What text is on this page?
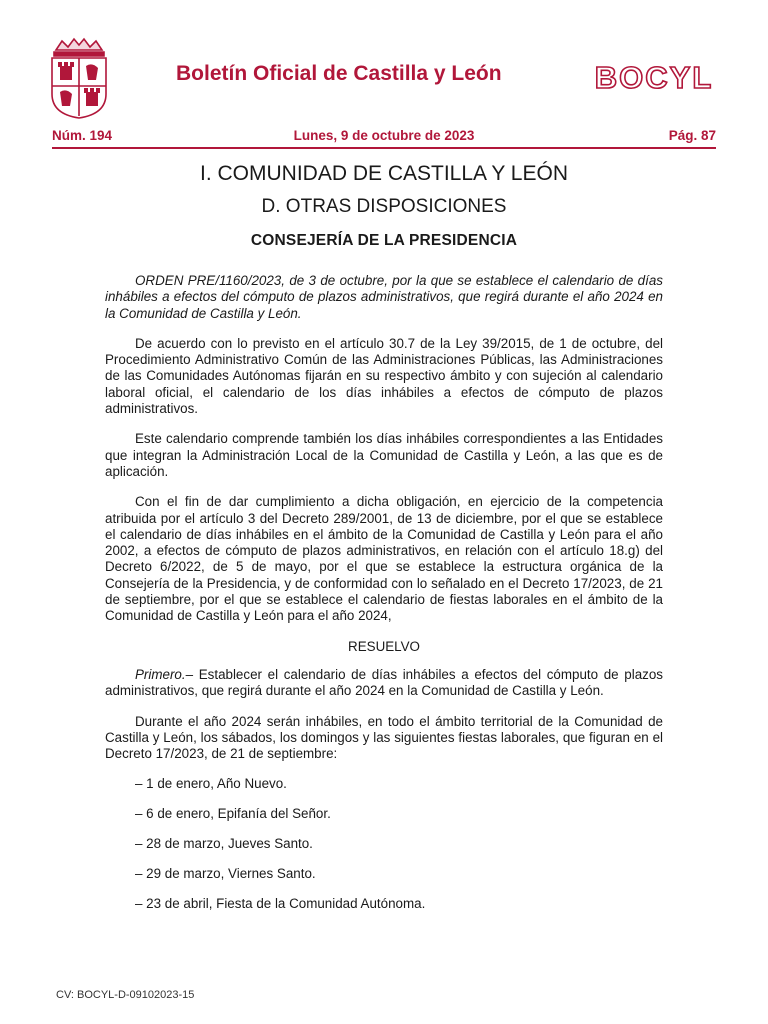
Boletín Oficial de Castilla y León	BOCYL
Núm. 194	Lunes, 9 de octubre de 2023	Pág. 87
I. COMUNIDAD DE CASTILLA Y LEÓN
D. OTRAS DISPOSICIONES
CONSEJERÍA DE LA PRESIDENCIA

ORDEN PRE/1160/2023, de 3 de octubre, por la que se establece el calendario de días inhábiles a efectos del cómputo de plazos administrativos, que regirá durante el año 2024 en la Comunidad de Castilla y León.

De acuerdo con lo previsto en el artículo 30.7 de la Ley 39/2015, de 1 de octubre, del Procedimiento Administrativo Común de las Administraciones Públicas, las Administraciones de las Comunidades Autónomas fijarán en su respectivo ámbito y con sujeción al calendario laboral oficial, el calendario de los días inhábiles a efectos de cómputo de plazos administrativos.

Este calendario comprende también los días inhábiles correspondientes a las Entidades que integran la Administración Local de la Comunidad de Castilla y León, a las que es de aplicación.

Con el fin de dar cumplimiento a dicha obligación, en ejercicio de la competencia atribuida por el artículo 3 del Decreto 289/2001, de 13 de diciembre, por el que se establece el calendario de días inhábiles en el ámbito de la Comunidad de Castilla y León para el año 2002, a efectos de cómputo de plazos administrativos, en relación con el artículo 18.g) del Decreto 6/2022, de 5 de mayo, por el que se establece la estructura orgánica de la Consejería de la Presidencia, y de conformidad con lo señalado en el Decreto 17/2023, de 21 de septiembre, por el que se establece el calendario de fiestas laborales en el ámbito de la Comunidad de Castilla y León para el año 2024,

RESUELVO

Primero.– Establecer el calendario de días inhábiles a efectos del cómputo de plazos administrativos, que regirá durante el año 2024 en la Comunidad de Castilla y León.

Durante el año 2024 serán inhábiles, en todo el ámbito territorial de la Comunidad de Castilla y León, los sábados, los domingos y las siguientes fiestas laborales, que figuran en el Decreto 17/2023, de 21 de septiembre:

– 1 de enero, Año Nuevo.

– 6 de enero, Epifanía del Señor.

– 28 de marzo, Jueves Santo.

– 29 de marzo, Viernes Santo.

– 23 de abril, Fiesta de la Comunidad Autónoma.

CV: BOCYL-D-09102023-15
